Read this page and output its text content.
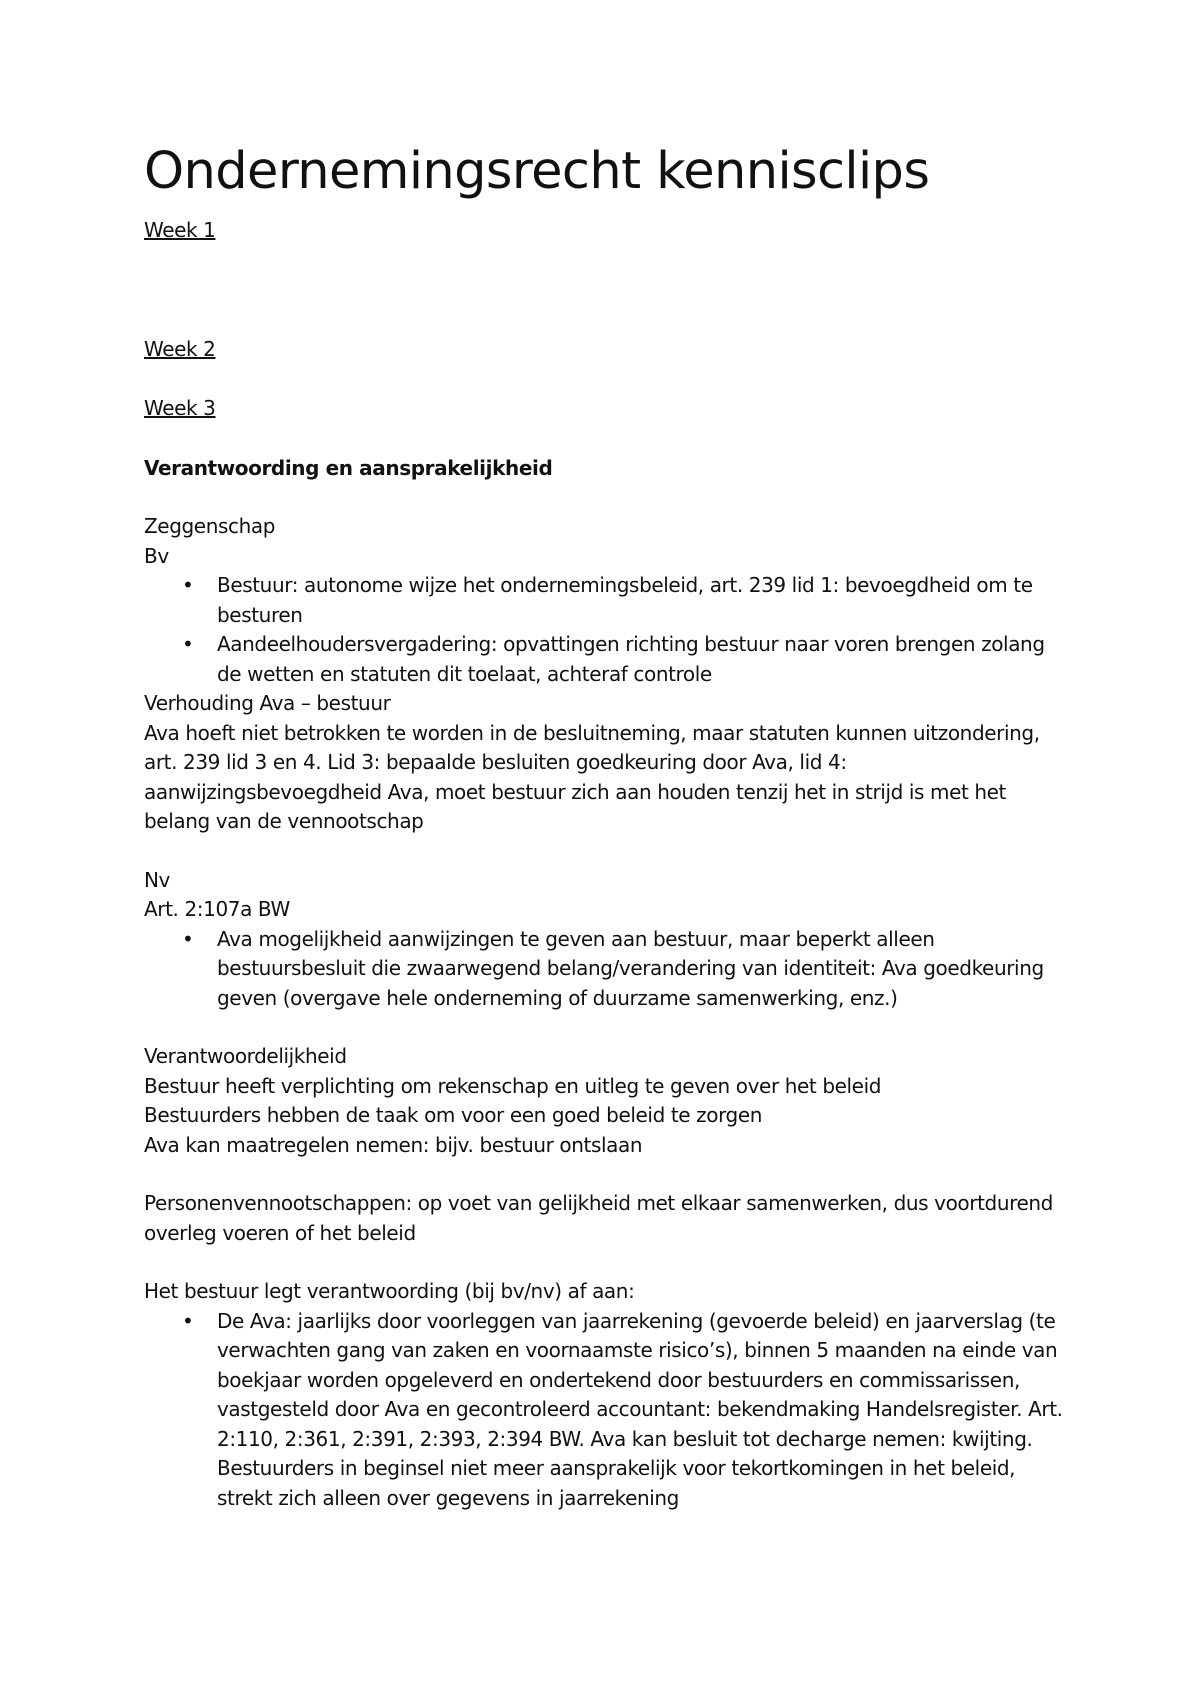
Ondernemingsrecht kennisclips

Week 1

Week 2

Week 3

Verantwoording en aansprakelijkheid

Zeggenschap

Bv

• Bestuur: autonome wijze het ondernemingsbeleid, art. 239 lid 1: bevoegdheid om te besturen
• Aandeelhoudersvergadering: opvattingen richting bestuur naar voren brengen zolang de wetten en statuten dit toelaat, achteraf controle

Verhouding Ava – bestuur

Ava hoeft niet betrokken te worden in de besluitneming, maar statuten kunnen uitzondering, art. 239 lid 3 en 4. Lid 3: bepaalde besluiten goedkeuring door Ava, lid 4: aanwijzingsbevoegdheid Ava, moet bestuur zich aan houden tenzij het in strijd is met het belang van de vennootschap

Nv

Art. 2:107a BW

• Ava mogelijkheid aanwijzingen te geven aan bestuur, maar beperkt alleen bestuursbesluit die zwaarwegend belang/verandering van identiteit: Ava goedkeuring geven (overgave hele onderneming of duurzame samenwerking, enz.)

Verantwoordelijkheid

Bestuur heeft verplichting om rekenschap en uitleg te geven over het beleid

Bestuurders hebben de taak om voor een goed beleid te zorgen

Ava kan maatregelen nemen: bijv. bestuur ontslaan

Personenvennootschappen: op voet van gelijkheid met elkaar samenwerken, dus voortdurend overleg voeren of het beleid

Het bestuur legt verantwoording (bij bv/nv) af aan:

• De Ava: jaarlijks door voorleggen van jaarrekening (gevoerde beleid) en jaarverslag (te verwachten gang van zaken en voornaamste risico’s), binnen 5 maanden na einde van boekjaar worden opgeleverd en ondertekend door bestuurders en commissarissen, vastgesteld door Ava en gecontroleerd accountant: bekendmaking Handelsregister. Art. 2:110, 2:361, 2:391, 2:393, 2:394 BW. Ava kan besluit tot decharge nemen: kwijting. Bestuurders in beginsel niet meer aansprakelijk voor tekortkomingen in het beleid, strekt zich alleen over gegevens in jaarrekening
